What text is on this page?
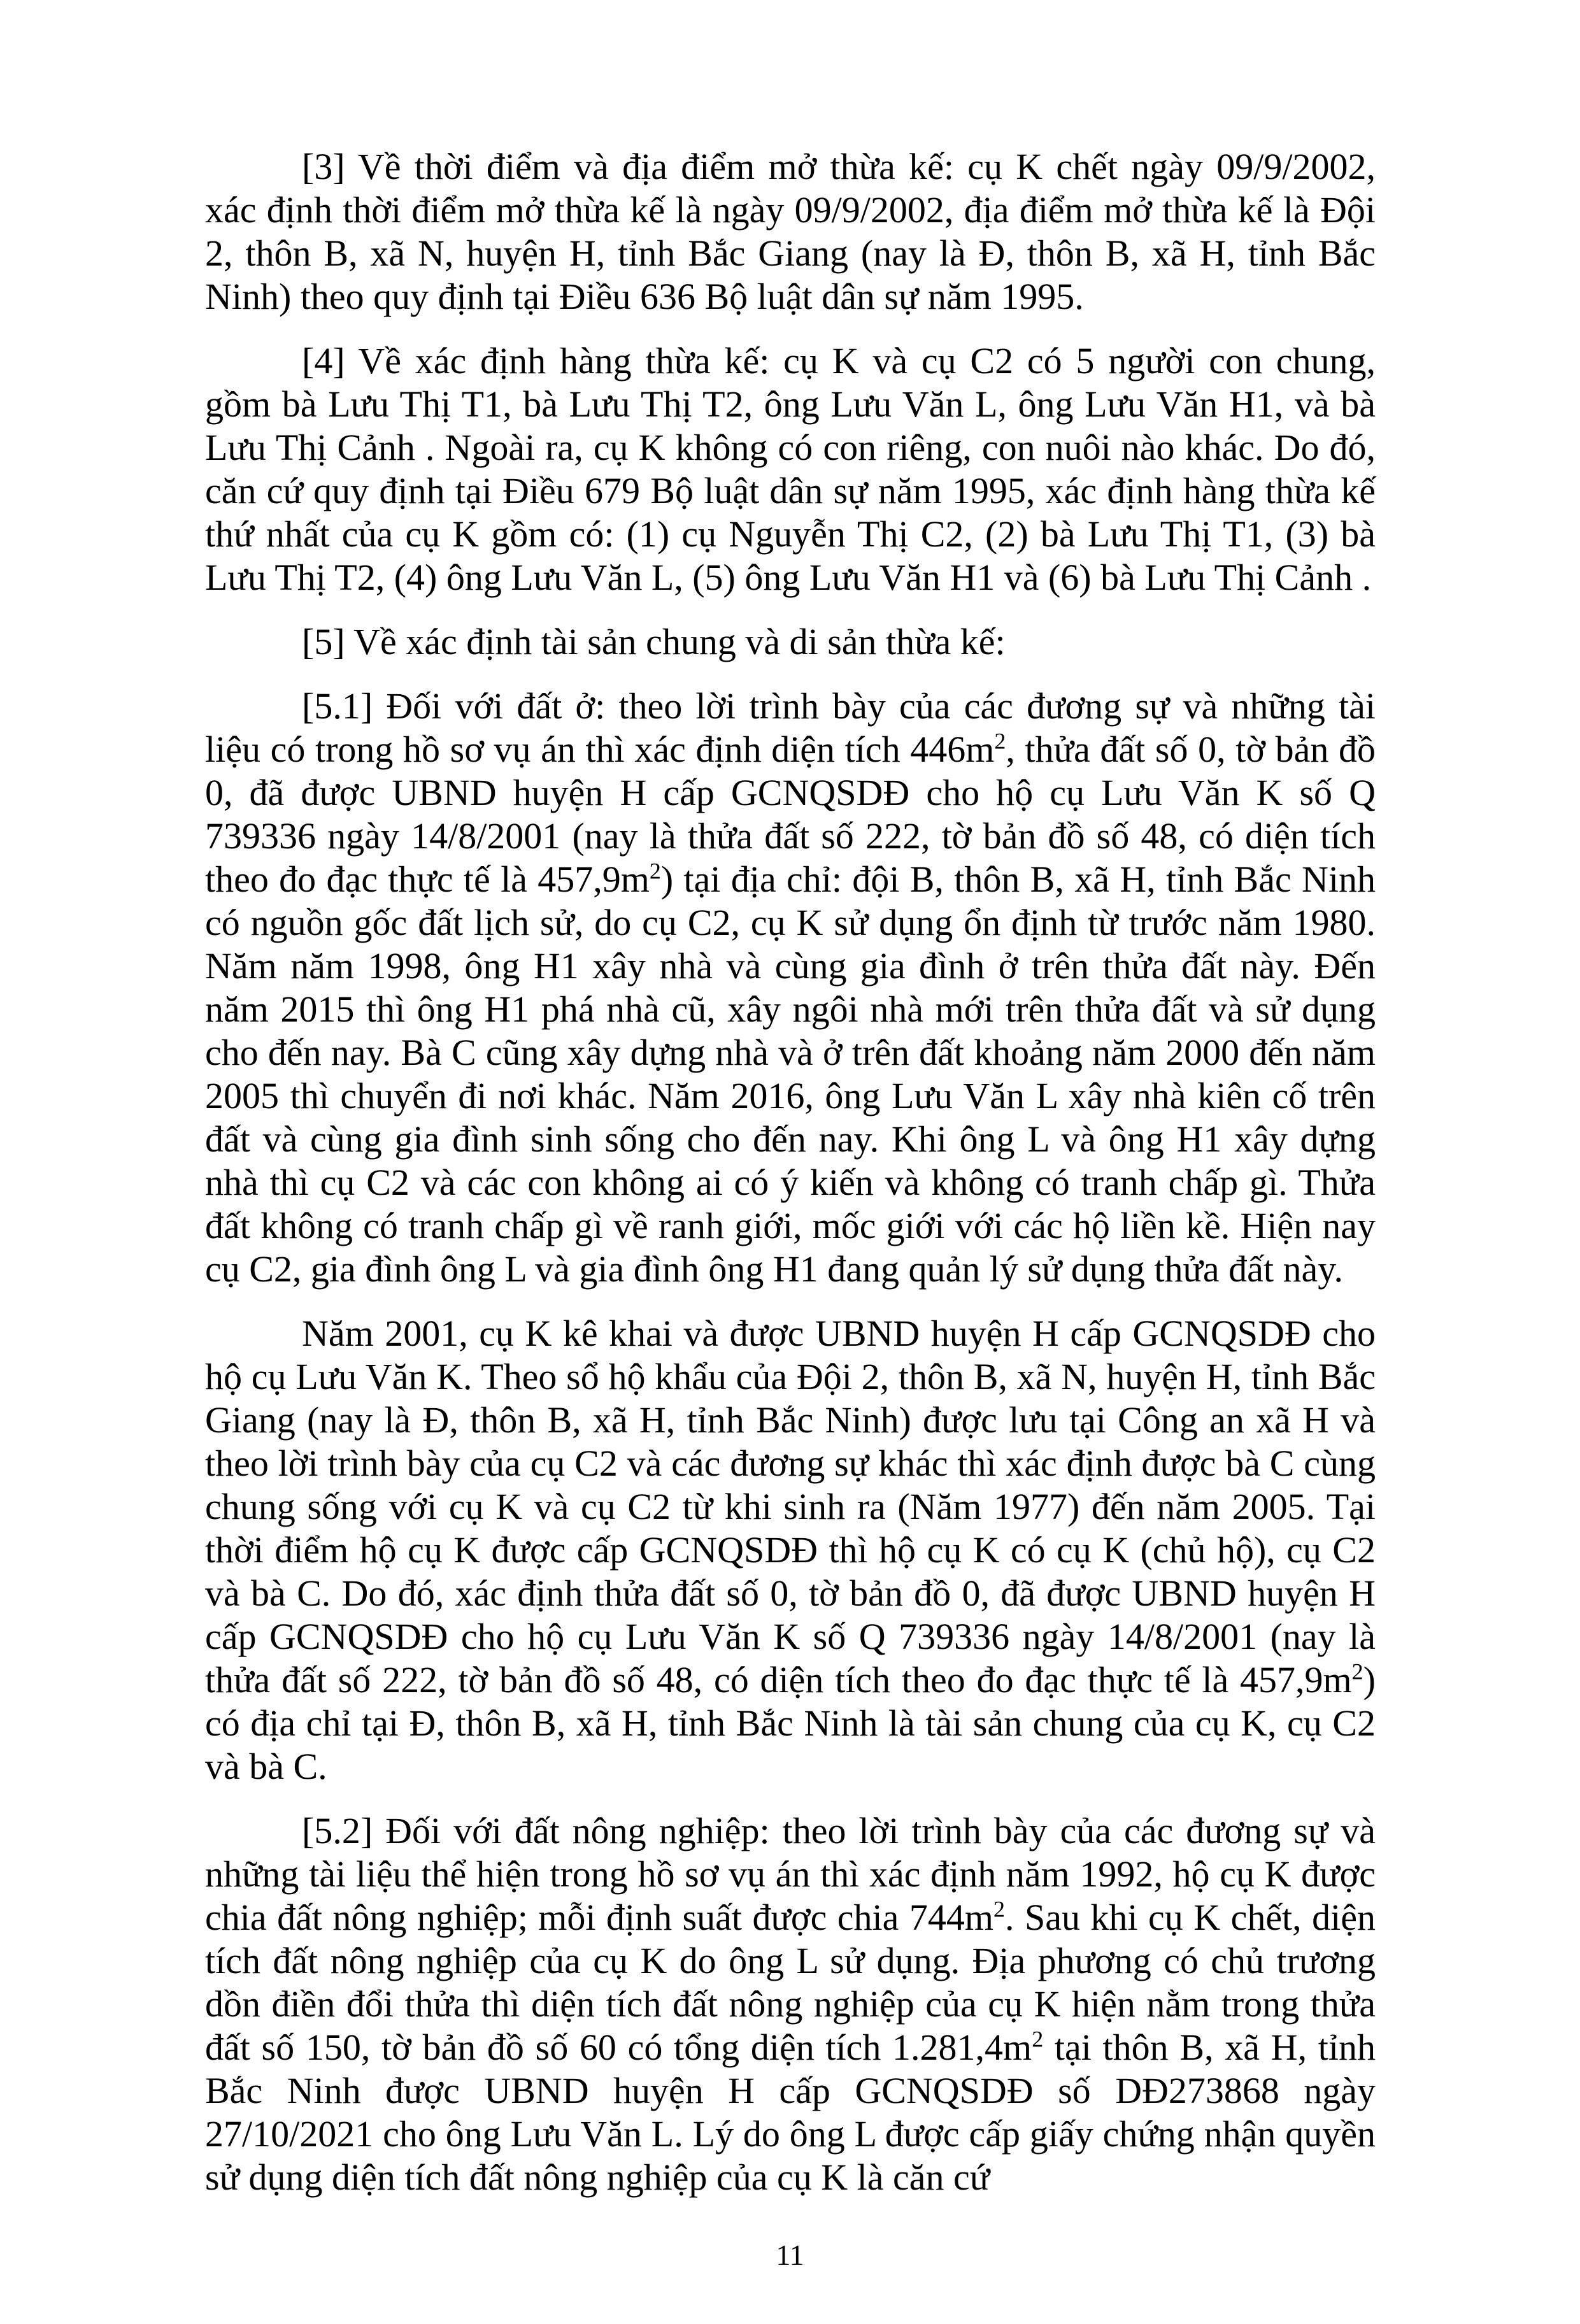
[3] Về thời điểm và địa điểm mở thừa kế: cụ K chết ngày 09/9/2002, xác định thời điểm mở thừa kế là ngày 09/9/2002, địa điểm mở thừa kế là Đội 2, thôn B, xã N, huyện H, tỉnh Bắc Giang (nay là Đ, thôn B, xã H, tỉnh Bắc Ninh) theo quy định tại Điều 636 Bộ luật dân sự năm 1995.

[4] Về xác định hàng thừa kế: cụ K và cụ C2 có 5 người con chung, gồm bà Lưu Thị T1, bà Lưu Thị T2, ông Lưu Văn L, ông Lưu Văn H1, và bà Lưu Thị Cảnh . Ngoài ra, cụ K không có con riêng, con nuôi nào khác. Do đó, căn cứ quy định tại Điều 679 Bộ luật dân sự năm 1995, xác định hàng thừa kế thứ nhất của cụ K gồm có: (1) cụ Nguyễn Thị C2, (2) bà Lưu Thị T1, (3) bà Lưu Thị T2, (4) ông Lưu Văn L, (5) ông Lưu Văn H1 và (6) bà Lưu Thị Cảnh .

[5] Về xác định tài sản chung và di sản thừa kế:

[5.1] Đối với đất ở: theo lời trình bày của các đương sự và những tài liệu có trong hồ sơ vụ án thì xác định diện tích $446m^2$, thửa đất số 0, tờ bản đồ 0, đã được UBND huyện H cấp GCNQSDĐ cho hộ cụ Lưu Văn K số Q 739336 ngày 14/8/2001 (nay là thửa đất số 222, tờ bản đồ số 48, có diện tích theo đo đạc thực tế là $457,9m^2$) tại địa chỉ: đội B, thôn B, xã H, tỉnh Bắc Ninh có nguồn gốc đất lịch sử, do cụ C2, cụ K sử dụng ổn định từ trước năm 1980. Năm năm 1998, ông H1 xây nhà và cùng gia đình ở trên thửa đất này. Đến năm 2015 thì ông H1 phá nhà cũ, xây ngôi nhà mới trên thửa đất và sử dụng cho đến nay. Bà C cũng xây dựng nhà và ở trên đất khoảng năm 2000 đến năm 2005 thì chuyển đi nơi khác. Năm 2016, ông Lưu Văn L xây nhà kiên cố trên đất và cùng gia đình sinh sống cho đến nay. Khi ông L và ông H1 xây dựng nhà thì cụ C2 và các con không ai có ý kiến và không có tranh chấp gì. Thửa đất không có tranh chấp gì về ranh giới, mốc giới với các hộ liền kề. Hiện nay cụ C2, gia đình ông L và gia đình ông H1 đang quản lý sử dụng thửa đất này.

Năm 2001, cụ K kê khai và được UBND huyện H cấp GCNQSDĐ cho hộ cụ Lưu Văn K. Theo sổ hộ khẩu của Đội 2, thôn B, xã N, huyện H, tỉnh Bắc Giang (nay là Đ, thôn B, xã H, tỉnh Bắc Ninh) được lưu tại Công an xã H và theo lời trình bày của cụ C2 và các đương sự khác thì xác định được bà C cùng chung sống với cụ K và cụ C2 từ khi sinh ra (Năm 1977) đến năm 2005. Tại thời điểm hộ cụ K được cấp GCNQSDĐ thì hộ cụ K có cụ K (chủ hộ), cụ C2 và bà C. Do đó, xác định thửa đất số 0, tờ bản đồ 0, đã được UBND huyện H cấp GCNQSDĐ cho hộ cụ Lưu Văn K số Q 739336 ngày 14/8/2001 (nay là thửa đất số 222, tờ bản đồ số 48, có diện tích theo đo đạc thực tế là $457,9m^2$) có địa chỉ tại Đ, thôn B, xã H, tỉnh Bắc Ninh là tài sản chung của cụ K, cụ C2 và bà C.

[5.2] Đối với đất nông nghiệp: theo lời trình bày của các đương sự và những tài liệu thể hiện trong hồ sơ vụ án thì xác định năm 1992, hộ cụ K được chia đất nông nghiệp; mỗi định suất được chia $744m^2$. Sau khi cụ K chết, diện tích đất nông nghiệp của cụ K do ông L sử dụng. Địa phương có chủ trương dồn điền đổi thửa thì diện tích đất nông nghiệp của cụ K hiện nằm trong thửa đất số 150, tờ bản đồ số 60 có tổng diện tích $1.281,4m^2$ tại thôn B, xã H, tỉnh Bắc Ninh được UBND huyện H cấp GCNQSDĐ số DĐ273868 ngày 27/10/2021 cho ông Lưu Văn L. Lý do ông L được cấp giấy chứng nhận quyền sử dụng diện tích đất nông nghiệp của cụ K là căn cứ

11
